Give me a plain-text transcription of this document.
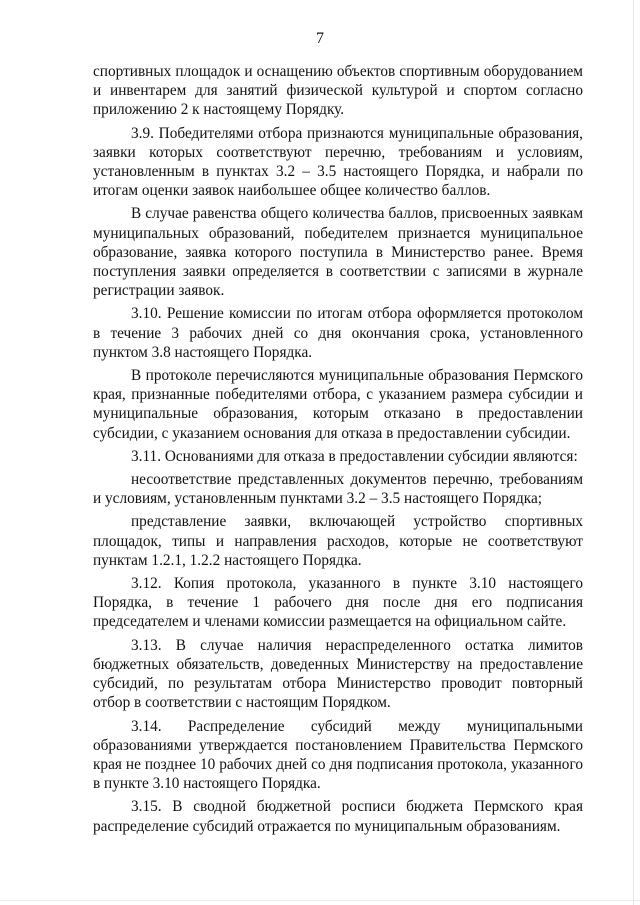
7

спортивных площадок и оснащению объектов спортивным оборудованием и инвентарем для занятий физической культурой и спортом согласно приложению 2 к настоящему Порядку.

3.9. Победителями отбора признаются муниципальные образования, заявки которых соответствуют перечню, требованиям и условиям, установленным в пунктах 3.2 – 3.5 настоящего Порядка, и набрали по итогам оценки заявок наибольшее общее количество баллов.

В случае равенства общего количества баллов, присвоенных заявкам муниципальных образований, победителем признается муниципальное образование, заявка которого поступила в Министерство ранее. Время поступления заявки определяется в соответствии с записями в журнале регистрации заявок.

3.10. Решение комиссии по итогам отбора оформляется протоколом в течение 3 рабочих дней со дня окончания срока, установленного пунктом 3.8 настоящего Порядка.

В протоколе перечисляются муниципальные образования Пермского края, признанные победителями отбора, с указанием размера субсидии и муниципальные образования, которым отказано в предоставлении субсидии, с указанием основания для отказа в предоставлении субсидии.

3.11. Основаниями для отказа в предоставлении субсидии являются:

несоответствие представленных документов перечню, требованиям и условиям, установленным пунктами 3.2 – 3.5 настоящего Порядка;

представление заявки, включающей устройство спортивных площадок, типы и направления расходов, которые не соответствуют пунктам 1.2.1, 1.2.2 настоящего Порядка.

3.12. Копия протокола, указанного в пункте 3.10 настоящего Порядка, в течение 1 рабочего дня после дня его подписания председателем и членами комиссии размещается на официальном сайте.

3.13. В случае наличия нераспределенного остатка лимитов бюджетных обязательств, доведенных Министерству на предоставление субсидий, по результатам отбора Министерство проводит повторный отбор в соответствии с настоящим Порядком.

3.14. Распределение субсидий между муниципальными образованиями утверждается постановлением Правительства Пермского края не позднее 10 рабочих дней со дня подписания протокола, указанного в пункте 3.10 настоящего Порядка.

3.15. В сводной бюджетной росписи бюджета Пермского края распределение субсидий отражается по муниципальным образованиям.
